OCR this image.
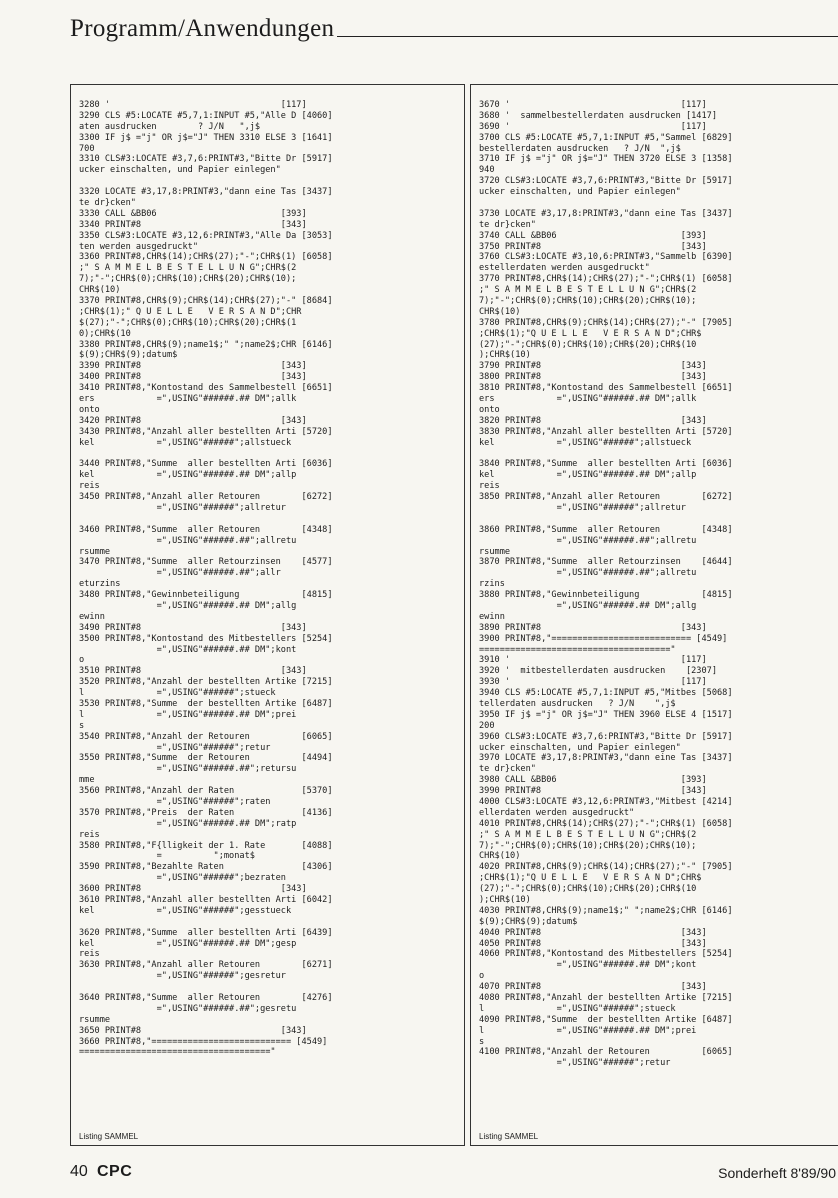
Programm/Anwendungen
3280 '                                 [117]
3290 CLS #5:LOCATE #5,7,1:INPUT #5,"Alle D [4060]
aten ausdrucken        ? J/N   ",j$
3300 IF j$ ="j" OR j$="J" THEN 3310 ELSE 3 [1641]
700
3310 CLS#3:LOCATE #3,7,6:PRINT#3,"Bitte Dr [5917]
ucker einschalten, und Papier einlegen"
3320 LOCATE #3,17,8:PRINT#3,"dann eine Tas [3437]
te dr}cken"
3330 CALL &BB06                        [393]
3340 PRINT#8                           [343]
3350 CLS#3:LOCATE #3,12,6:PRINT#3,"Alle Da [3053]
ten werden ausgedruckt"
3360 PRINT#8,CHR$(14);CHR$(27);"-";CHR$(1) [6058]
;" S A M M E L B E S T E L L U N G";CHR$(2
7);"-";CHR$(0);CHR$(10);CHR$(20);CHR$(10);
CHR$(10)
3370 PRINT#8,CHR$(9);CHR$(14);CHR$(27);"-" [8684]
;CHR$(1);" Q U E L L E   V E R S A N D";CHR
$(27);"-";CHR$(0);CHR$(10);CHR$(20);CHR$(1
0);CHR$(10
3380 PRINT#8,CHR$(9);name1$;" ";name2$;CHR [6146]
$(9);CHR$(9);datum$
3390 PRINT#8                           [343]
3400 PRINT#8                           [343]
3410 PRINT#8,"Kontostand des Sammelbestell [6651]
ers            =",USING"######.## DM";allk
onto
3420 PRINT#8                           [343]
3430 PRINT#8,"Anzahl aller bestellten Arti [5720]
kel            =",USING"######";allstueck
3440 PRINT#8,"Summe  aller bestellten Arti [6036]
kel            =",USING"######.## DM";allp
reis
3450 PRINT#8,"Anzahl aller Retouren        [6272]
=",USING"######";allretur
3460 PRINT#8,"Summe  aller Retouren        [4348]
=",USING"######.##";allretu
rsumme
3470 PRINT#8,"Summe  aller Retourzinsen    [4577]
=",USING"######.##";allr
eturzins
3480 PRINT#8,"Gewinnbeteiligung            [4815]
=",USING"######.## DM";allg
ewinn
3490 PRINT#8                           [343]
3500 PRINT#8,"Kontostand des Mitbestellers [5254]
=",USING"######.## DM";kont
o
3510 PRINT#8                           [343]
3520 PRINT#8,"Anzahl der bestellten Artike [7215]
l              =",USING"######";stueck
3530 PRINT#8,"Summe  der bestellten Artike [6487]
l              =",USING"######.## DM";prei
s
3540 PRINT#8,"Anzahl der Retouren          [6065]
=",USING"######";retur
3550 PRINT#8,"Summe  der Retouren          [4494]
=",USING"######.##";retursu
mme
3560 PRINT#8,"Anzahl der Raten             [5370]
=",USING"######";raten
3570 PRINT#8,"Preis  der Raten             [4136]
=",USING"######.## DM";ratp
reis
3580 PRINT#8,"F{lligkeit der 1. Rate       [4088]
=          ";monat$
3590 PRINT#8,"Bezahlte Raten               [4306]
=",USING"######";bezraten
3600 PRINT#8                           [343]
3610 PRINT#8,"Anzahl aller bestellten Arti [6042]
kel            =",USING"######";gesstueck
3620 PRINT#8,"Summe  aller bestellten Arti [6439]
kel            =",USING"######.## DM";gesp
reis
3630 PRINT#8,"Anzahl aller Retouren        [6271]
=",USING"######";gesretur
3640 PRINT#8,"Summe  aller Retouren        [4276]
=",USING"######.##";gesretu
rsumme
3650 PRINT#8                           [343]
3660 PRINT#8,"=========================== [4549]
====================================="
Listing SAMMEL
3670 '                                 [117]
3680 '  sammelbestellerdaten ausdrucken [1417]
3690 '                                 [117]
3700 CLS #5:LOCATE #5,7,1:INPUT #5,"Sammel [6829]
bestellerdaten ausdrucken   ? J/N  ",j$
3710 IF j$ ="j" OR j$="J" THEN 3720 ELSE 3 [1358]
940
3720 CLS#3:LOCATE #3,7,6:PRINT#3,"Bitte Dr [5917]
ucker einschalten, und Papier einlegen"
3730 LOCATE #3,17,8:PRINT#3,"dann eine Tas [3437]
te dr}cken"
3740 CALL &BB06                        [393]
3750 PRINT#8                           [343]
3760 CLS#3:LOCATE #3,10,6:PRINT#3,"Sammelb [6390]
estellerdaten werden ausgedruckt"
3770 PRINT#8,CHR$(14);CHR$(27);"-";CHR$(1) [6058]
;" S A M M E L B E S T E L L U N G";CHR$(2
7);"-";CHR$(0);CHR$(10);CHR$(20);CHR$(10);
CHR$(10)
3780 PRINT#8,CHR$(9);CHR$(14);CHR$(27);"-" [7905]
;CHR$(1);"Q U E L L E   V E R S A N D";CHR$
(27);"-";CHR$(0);CHR$(10);CHR$(20);CHR$(10
);CHR$(10)
3790 PRINT#8                           [343]
3800 PRINT#8                           [343]
3810 PRINT#8,"Kontostand des Sammelbestell [6651]
ers            =",USING"######.## DM";allk
onto
3820 PRINT#8                           [343]
3830 PRINT#8,"Anzahl aller bestellten Arti [5720]
kel            =",USING"######";allstueck
3840 PRINT#8,"Summe  aller bestellten Arti [6036]
kel            =",USING"######.## DM";allp
reis
3850 PRINT#8,"Anzahl aller Retouren        [6272]
=",USING"######";allretur
3860 PRINT#8,"Summe  aller Retouren        [4348]
=",USING"######.##";allretu
rsumme
3870 PRINT#8,"Summe  aller Retourzinsen    [4644]
=",USING"######.##";allretu
rzins
3880 PRINT#8,"Gewinnbeteiligung            [4815]
=",USING"######.## DM";allg
ewinn
3890 PRINT#8                           [343]
3900 PRINT#8,"=========================== [4549]
====================================="
3910 '                                 [117]
3920 '  mitbestellerdaten ausdrucken    [2307]
3930 '                                 [117]
3940 CLS #5:LOCATE #5,7,1:INPUT #5,"Mitbes [5068]
tellerdaten ausdrucken   ? J/N    ",j$
3950 IF j$ ="j" OR j$="J" THEN 3960 ELSE 4 [1517]
200
3960 CLS#3:LOCATE #3,7,6:PRINT#3,"Bitte Dr [5917]
ucker einschalten, und Papier einlegen"
3970 LOCATE #3,17,8:PRINT#3,"dann eine Tas [3437]
te dr}cken"
3980 CALL &BB06                        [393]
3990 PRINT#8                           [343]
4000 CLS#3:LOCATE #3,12,6:PRINT#3,"Mitbest [4214]
ellerdaten werden ausgedruckt"
4010 PRINT#8,CHR$(14);CHR$(27);"-";CHR$(1) [6058]
;" S A M M E L B E S T E L L U N G";CHR$(2
7);"-";CHR$(0);CHR$(10);CHR$(20);CHR$(10);
CHR$(10)
4020 PRINT#8,CHR$(9);CHR$(14);CHR$(27);"-" [7905]
;CHR$(1);"Q U E L L E   V E R S A N D";CHR$
(27);"-";CHR$(0);CHR$(10);CHR$(20);CHR$(10
);CHR$(10)
4030 PRINT#8,CHR$(9);name1$;" ";name2$;CHR [6146]
$(9);CHR$(9);datum$
4040 PRINT#8                           [343]
4050 PRINT#8                           [343]
4060 PRINT#8,"Kontostand des Mitbestellers [5254]
=",USING"######.## DM";kont
o
4070 PRINT#8                           [343]
4080 PRINT#8,"Anzahl der bestellten Artike [7215]
l              =",USING"######";stueck
4090 PRINT#8,"Summe  der bestellten Artike [6487]
l              =",USING"######.## DM";prei
s
4100 PRINT#8,"Anzahl der Retouren          [6065]
=",USING"######";retur
Listing SAMMEL
40 CPC	Sonderheft 8'89/90
